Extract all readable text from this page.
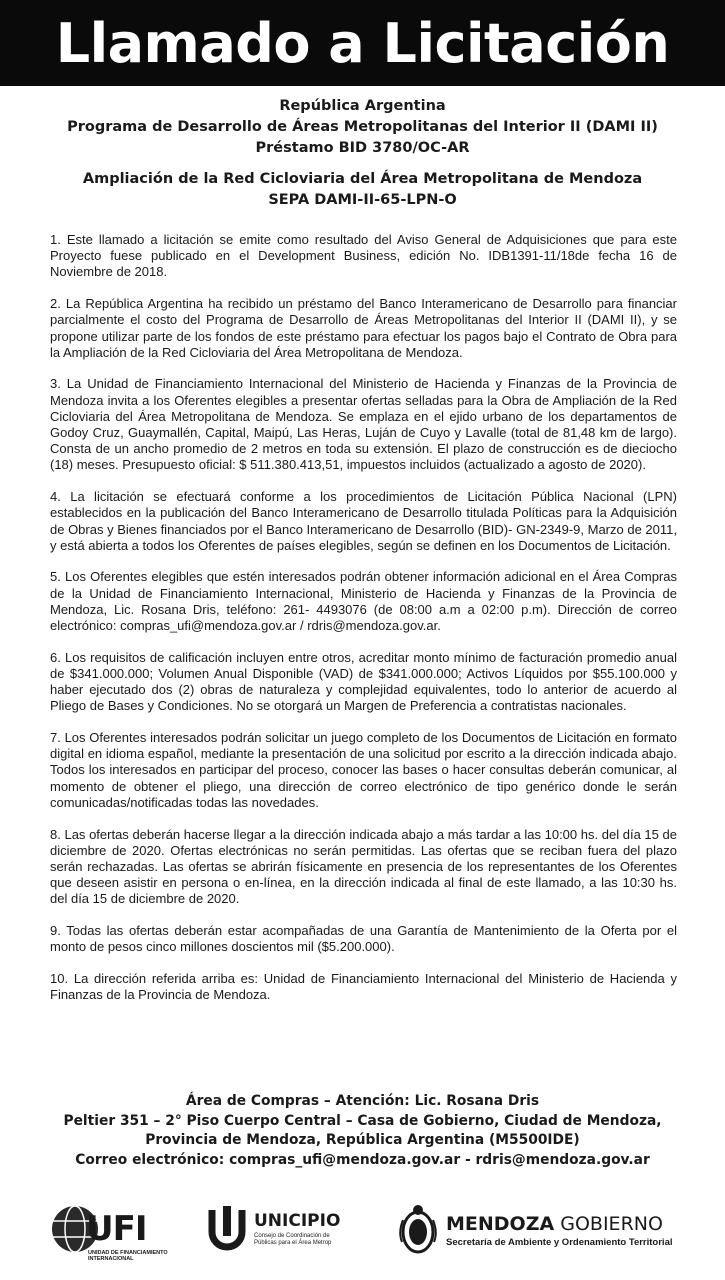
Llamado a Licitación
República Argentina
Programa de Desarrollo de Áreas Metropolitanas del Interior II (DAMI II)
Préstamo BID 3780/OC-AR
Ampliación de la Red Cicloviaria del Área Metropolitana de Mendoza
SEPA DAMI-II-65-LPN-O

1. Este llamado a licitación se emite como resultado del Aviso General de Adquisiciones que para este Proyecto fuese publicado en el Development Business, edición No. IDB1391-11/18de fecha 16 de Noviembre de 2018.

2. La República Argentina ha recibido un préstamo del Banco Interamericano de Desarrollo para financiar parcialmente el costo del Programa de Desarrollo de Áreas Metropolitanas del Interior II (DAMI II), y se propone utilizar parte de los fondos de este préstamo para efectuar los pagos bajo el Contrato de Obra para la Ampliación de la Red Cicloviaria del Área Metropolitana de Mendoza.

3. La Unidad de Financiamiento Internacional del Ministerio de Hacienda y Finanzas de la Provincia de Mendoza invita a los Oferentes elegibles a presentar ofertas selladas para la Obra de Ampliación de la Red Cicloviaria del Área Metropolitana de Mendoza. Se emplaza en el ejido urbano de los departamentos de Godoy Cruz, Guaymallén, Capital, Maipú, Las Heras, Luján de Cuyo y Lavalle (total de 81,48 km de largo). Consta de un ancho promedio de 2 metros en toda su extensión. El plazo de construcción es de dieciocho (18) meses. Presupuesto oficial: $ 511.380.413,51, impuestos incluidos (actualizado a agosto de 2020).

4. La licitación se efectuará conforme a los procedimientos de Licitación Pública Nacional (LPN) establecidos en la publicación del Banco Interamericano de Desarrollo titulada Políticas para la Adquisición de Obras y Bienes financiados por el Banco Interamericano de Desarrollo (BID)- GN-2349-9, Marzo de 2011, y está abierta a todos los Oferentes de países elegibles, según se definen en los Documentos de Licitación.

5. Los Oferentes elegibles que estén interesados podrán obtener información adicional en el Área Compras de la Unidad de Financiamiento Internacional, Ministerio de Hacienda y Finanzas de la Provincia de Mendoza, Lic. Rosana Dris, teléfono: 261- 4493076 (de 08:00 a.m a 02:00 p.m). Dirección de correo electrónico: compras_ufi@mendoza.gov.ar / rdris@mendoza.gov.ar.

6. Los requisitos de calificación incluyen entre otros, acreditar monto mínimo de facturación promedio anual de $341.000.000; Volumen Anual Disponible (VAD) de $341.000.000; Activos Líquidos por $55.100.000 y haber ejecutado dos (2) obras de naturaleza y complejidad equivalentes, todo lo anterior de acuerdo al Pliego de Bases y Condiciones. No se otorgará un Margen de Preferencia a contratistas nacionales.

7. Los Oferentes interesados podrán solicitar un juego completo de los Documentos de Licitación en formato digital en idioma español, mediante la presentación de una solicitud por escrito a la dirección indicada abajo. Todos los interesados en participar del proceso, conocer las bases o hacer consultas deberán comunicar, al momento de obtener el pliego, una dirección de correo electrónico de tipo genérico donde le serán comunicadas/notificadas todas las novedades.

8. Las ofertas deberán hacerse llegar a la dirección indicada abajo a más tardar a las 10:00 hs. del día 15 de diciembre de 2020. Ofertas electrónicas no serán permitidas. Las ofertas que se reciban fuera del plazo serán rechazadas. Las ofertas se abrirán físicamente en presencia de los representantes de los Oferentes que deseen asistir en persona o en-línea, en la dirección indicada al final de este llamado, a las 10:30 hs. del día 15 de diciembre de 2020.

9. Todas las ofertas deberán estar acompañadas de una Garantía de Mantenimiento de la Oferta por el monto de pesos cinco millones doscientos mil ($5.200.000).

10. La dirección referida arriba es: Unidad de Financiamiento Internacional del Ministerio de Hacienda y Finanzas de la Provincia de Mendoza.

Área de Compras – Atención: Lic. Rosana Dris
Peltier 351 – 2° Piso Cuerpo Central – Casa de Gobierno, Ciudad de Mendoza,
Provincia de Mendoza, República Argentina (M5500IDE)
Correo electrónico: compras_ufi@mendoza.gov.ar - rdris@mendoza.gov.ar
UFI
UNIDAD DE FINANCIAMIENTO INTERNACIONAL
UNICIPIO
Consejo de Coordinación de
Públicas para el Área Metrop
MENDOZA GOBIERNO
Secretaría de Ambiente y Ordenamiento Territorial
